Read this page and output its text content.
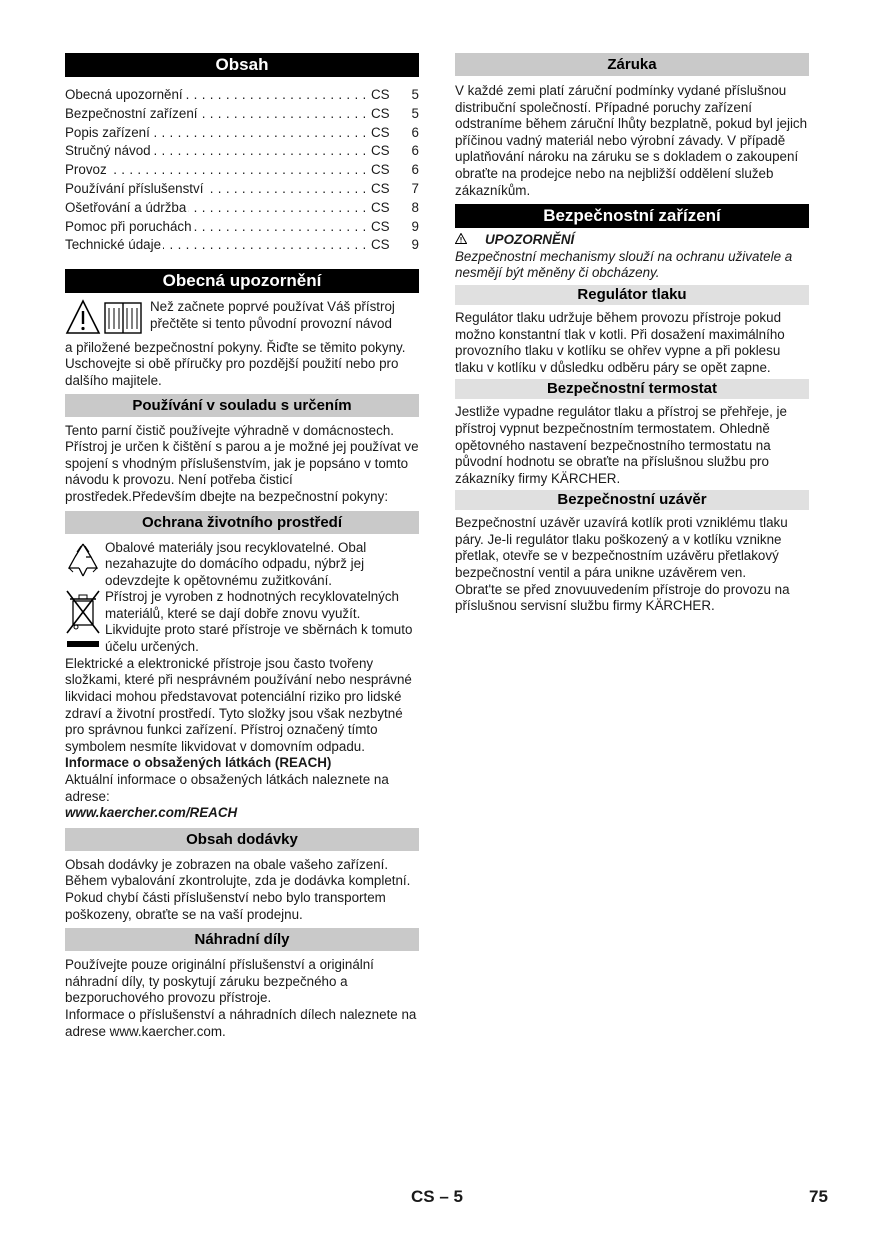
Obsah
Obecná upozornění . . .	CS	5
Bezpečnostní zařízení . . .	CS	5
Popis zařízení . . .	CS	6
Stručný návod . . .	CS	6
Provoz . . .	CS	6
Používání příslušenství . . .	CS	7
Ošetřování a údržba . . .	CS	8
Pomoc při poruchách . . .	CS	9
Technické údaje . . .	CS	9
Obecná upozornění
Než začnete poprvé používat Váš přístroj přečtěte si tento původní provozní návod

a přiložené bezpečnostní pokyny. Řiďte se těmito pokyny. Uschovejte si obě příručky pro pozdější použití nebo pro dalšího majitele.

Používání v souladu s určením

Tento parní čistič používejte výhradně v domácnostech. Přístroj je určen k čištění s parou a je možné jej používat ve spojení s vhodným příslušenstvím, jak je popsáno v tomto návodu k provozu. Není potřeba čisticí prostředek.Především dbejte na bezpečnostní pokyny:

Ochrana životního prostředí
Obalové materiály jsou recyklovatelné. Obal nezahazujte do domácího odpadu, nýbrž jej odevzdejte k opětovnému zužitkování.
Přístroj je vyroben z hodnotných recyklovatelných materiálů, které se dají dobře znovu využít. Likvidujte proto staré přístroje ve sběrnách k tomuto účelu určených.

Elektrické a elektronické přístroje jsou často tvořeny složkami, které při nesprávném používání nebo nesprávné likvidaci mohou představovat potenciální riziko pro lidské zdraví a životní prostředí. Tyto složky jsou však nezbytné pro správnou funkci zařízení. Přístroj označený tímto symbolem nesmíte likvidovat v domovním odpadu.

Informace o obsažených látkách (REACH)

Aktuální informace o obsažených látkách naleznete na adrese:

www.kaercher.com/REACH

Obsah dodávky

Obsah dodávky je zobrazen na obale vašeho zařízení. Během vybalování zkontrolujte, zda je dodávka kompletní.

Pokud chybí části příslušenství nebo bylo transportem poškozeny, obraťte se na vaší prodejnu.

Náhradní díly

Používejte pouze originální příslušenství a originální náhradní díly, ty poskytují záruku bezpečného a bezporuchového provozu přístroje.

Informace o příslušenství a náhradních dílech naleznete na adrese www.kaercher.com.

Záruka

V každé zemi platí záruční podmínky vydané příslušnou distribuční společností. Případné poruchy zařízení odstraníme během záruční lhůty bezplatně, pokud byl jejich příčinou vadný materiál nebo výrobní závady. V případě uplatňování nároku na záruku se s dokladem o zakoupení obraťte na prodejce nebo na nejbližší oddělení služeb zákazníkům.

Bezpečnostní zařízení
UPOZORNĚNÍ

Bezpečnostní mechanismy slouží na ochranu uživatele a nesmějí být měněny či obcházeny.

Regulátor tlaku

Regulátor tlaku udržuje během provozu přístroje pokud možno konstantní tlak v kotli. Při dosažení maximálního provozního tlaku v kotlíku se ohřev vypne a při poklesu tlaku v kotlíku v důsledku odběru páry se opět zapne.

Bezpečnostní termostat

Jestliže vypadne regulátor tlaku a přístroj se přehřeje, je přístroj vypnut bezpečnostním termostatem. Ohledně opětovného nastavení bezpečnostního termostatu na původní hodnotu se obraťte na příslušnou službu pro zákazníky firmy KÄRCHER.

Bezpečnostní uzávěr

Bezpečnostní uzávěr uzavírá kotlík proti vzniklému tlaku páry. Je-li regulátor tlaku poškozený a v kotlíku vznikne přetlak, otevře se v bezpečnostním uzávěru přetlakový bezpečnostní ventil a pára unikne uzávěrem ven.

Obrat'te se před znovuuvedením přístroje do provozu na příslušnou servisní službu firmy KÄRCHER.

CS – 5	75
